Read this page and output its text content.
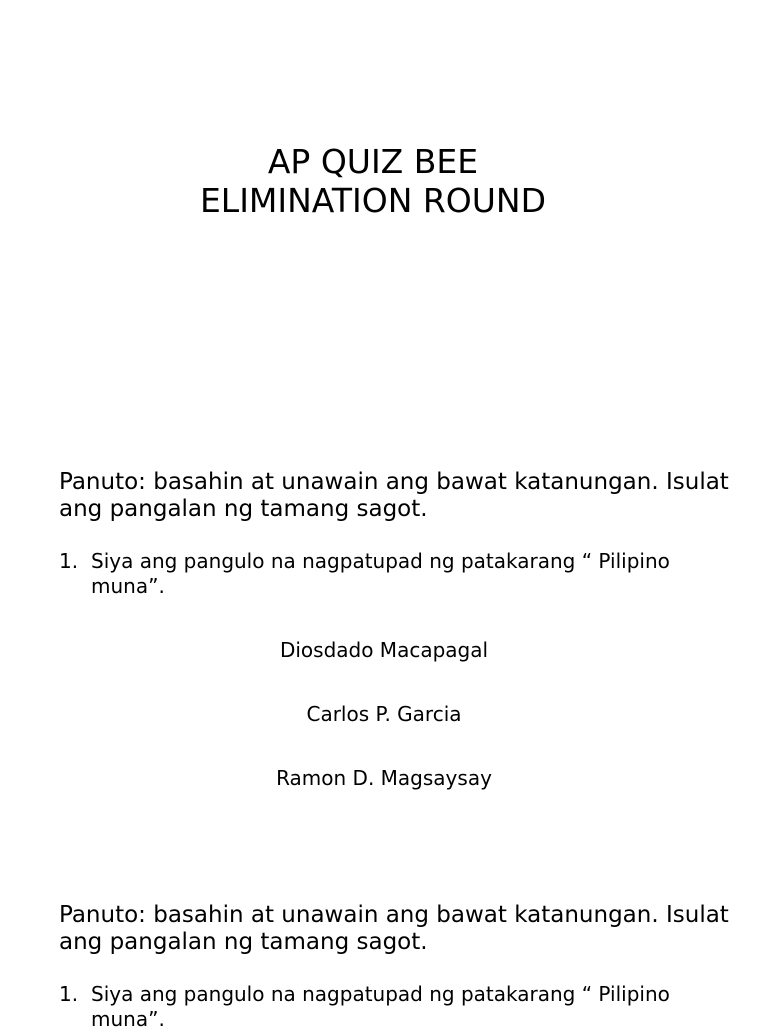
AP QUIZ BEE
ELIMINATION ROUND

Panuto: basahin at unawain ang bawat katanungan. Isulat ang pangalan ng tamang sagot.

1. Siya ang pangulo na nagpatupad ng patakarang “ Pilipino muna”.
Diosdado Macapagal
Carlos P. Garcia
Ramon D. Magsaysay

Panuto: basahin at unawain ang bawat katanungan. Isulat ang pangalan ng tamang sagot.

1. Siya ang pangulo na nagpatupad ng patakarang “ Pilipino muna”.
